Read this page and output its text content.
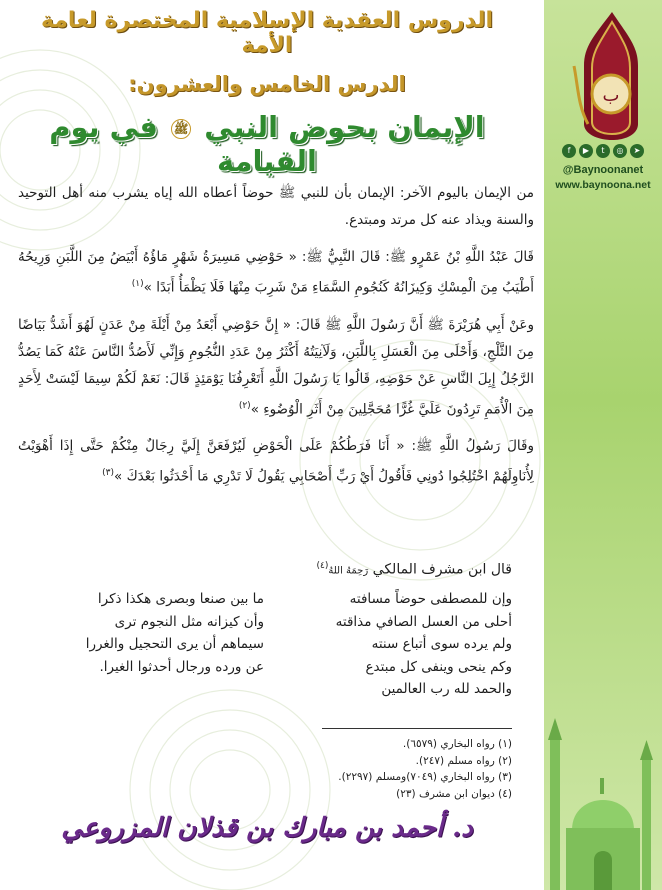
ب
f	▶	t	◎	➤
@Baynoonanet
www.baynoona.net
الدروس العقدية الإسلامية المختصرة لعامة الأمة
الدرس الخامس والعشرون:
الإيمان بحوض النبي ﷺ في يوم القيامة

من الإيمان باليوم الآخر: الإيمان بأن للنبي ﷺ حوضاً أعطاه الله إياه يشرب منه أهل التوحيد والسنة ويذاد عنه كل مرتد ومبتدع.

قَالَ عَبْدُ اللَّهِ بْنُ عَمْرٍو ﷺ: قَالَ النَّبِيُّ ﷺ: « حَوْضِي مَسِيرَةُ شَهْرٍ مَاؤُهُ أَبْيَضُ مِنَ اللَّبَنِ وَرِيحُهُ أَطْيَبُ مِنَ الْمِسْكِ وَكِيزَانُهُ كَنُجُومِ السَّمَاءِ مَنْ شَرِبَ مِنْهَا فَلَا يَظْمَأُ أَبَدًا »$^{(١)}$

وعَنْ أَبِي هُرَيْرَةَ ﷺ أَنَّ رَسُولَ اللَّهِ ﷺ قَالَ: « إِنَّ حَوْضِي أَبْعَدُ مِنْ أَيْلَةَ مِنْ عَدَنٍ لَهُوَ أَشَدُّ بَيَاضًا مِنَ الثَّلْجِ، وَأَحْلَى مِنَ الْعَسَلِ بِاللَّبَنِ، وَلَآنِيَتُهُ أَكْثَرُ مِنْ عَدَدِ النُّجُومِ وَإِنِّي لَأَصُدُّ النَّاسَ عَنْهُ كَمَا يَصُدُّ الرَّجُلُ إِبِلَ النَّاسِ عَنْ حَوْضِهِ، قَالُوا يَا رَسُولَ اللَّهِ أَتَعْرِفُنَا يَوْمَئِذٍ قَالَ: نَعَمْ لَكُمْ سِيمَا لَيْسَتْ لِأَحَدٍ مِنَ الْأُمَمِ تَرِدُونَ عَلَيَّ غُرًّا مُحَجَّلِينَ مِنْ أَثَرِ الْوُضُوءِ »$^{(٢)}$

وقَالَ رَسُولُ اللَّهِ ﷺ: « أَنَا فَرَطُكُمْ عَلَى الْحَوْضِ لَيُرْفَعَنَّ إِلَيَّ رِجَالٌ مِنْكُمْ حَتَّى إِذَا أَهْوَيْتُ لِأُنَاوِلَهُمْ اخْتُلِجُوا دُونِي فَأَقُولُ أَيْ رَبِّ أَصْحَابِي يَقُولُ لَا تَدْرِي مَا أَحْدَثُوا بَعْدَكَ »$^{(٣)}$

قال ابن مشرف المالكي رَحِمَهُ اللهُ$^{(٤)}$
وإن للمصطفى حوضاً مسافته
ما بين صنعا وبصرى هكذا ذكرا
أحلى من العسل الصافي مذاقته
وأن كيزانه مثل النجوم ترى
ولم يرده سوى أتباع سنته
سيماهم أن يرى التحجيل والغررا
وكم ينحى وينفى كل مبتدع
عن ورده ورجال أحدثوا الغيرا.
والحمد لله رب العالمين
(١) رواه البخاري (٦٥٧٩).
(٢) رواه مسلم (٢٤٧).
(٣) رواه البخاري (٧٠٤٩)ومسلم (٢٢٩٧).
(٤) ديوان ابن مشرف (٢٣)
د. أحمد بن مبارك بن قذلان المزروعي
